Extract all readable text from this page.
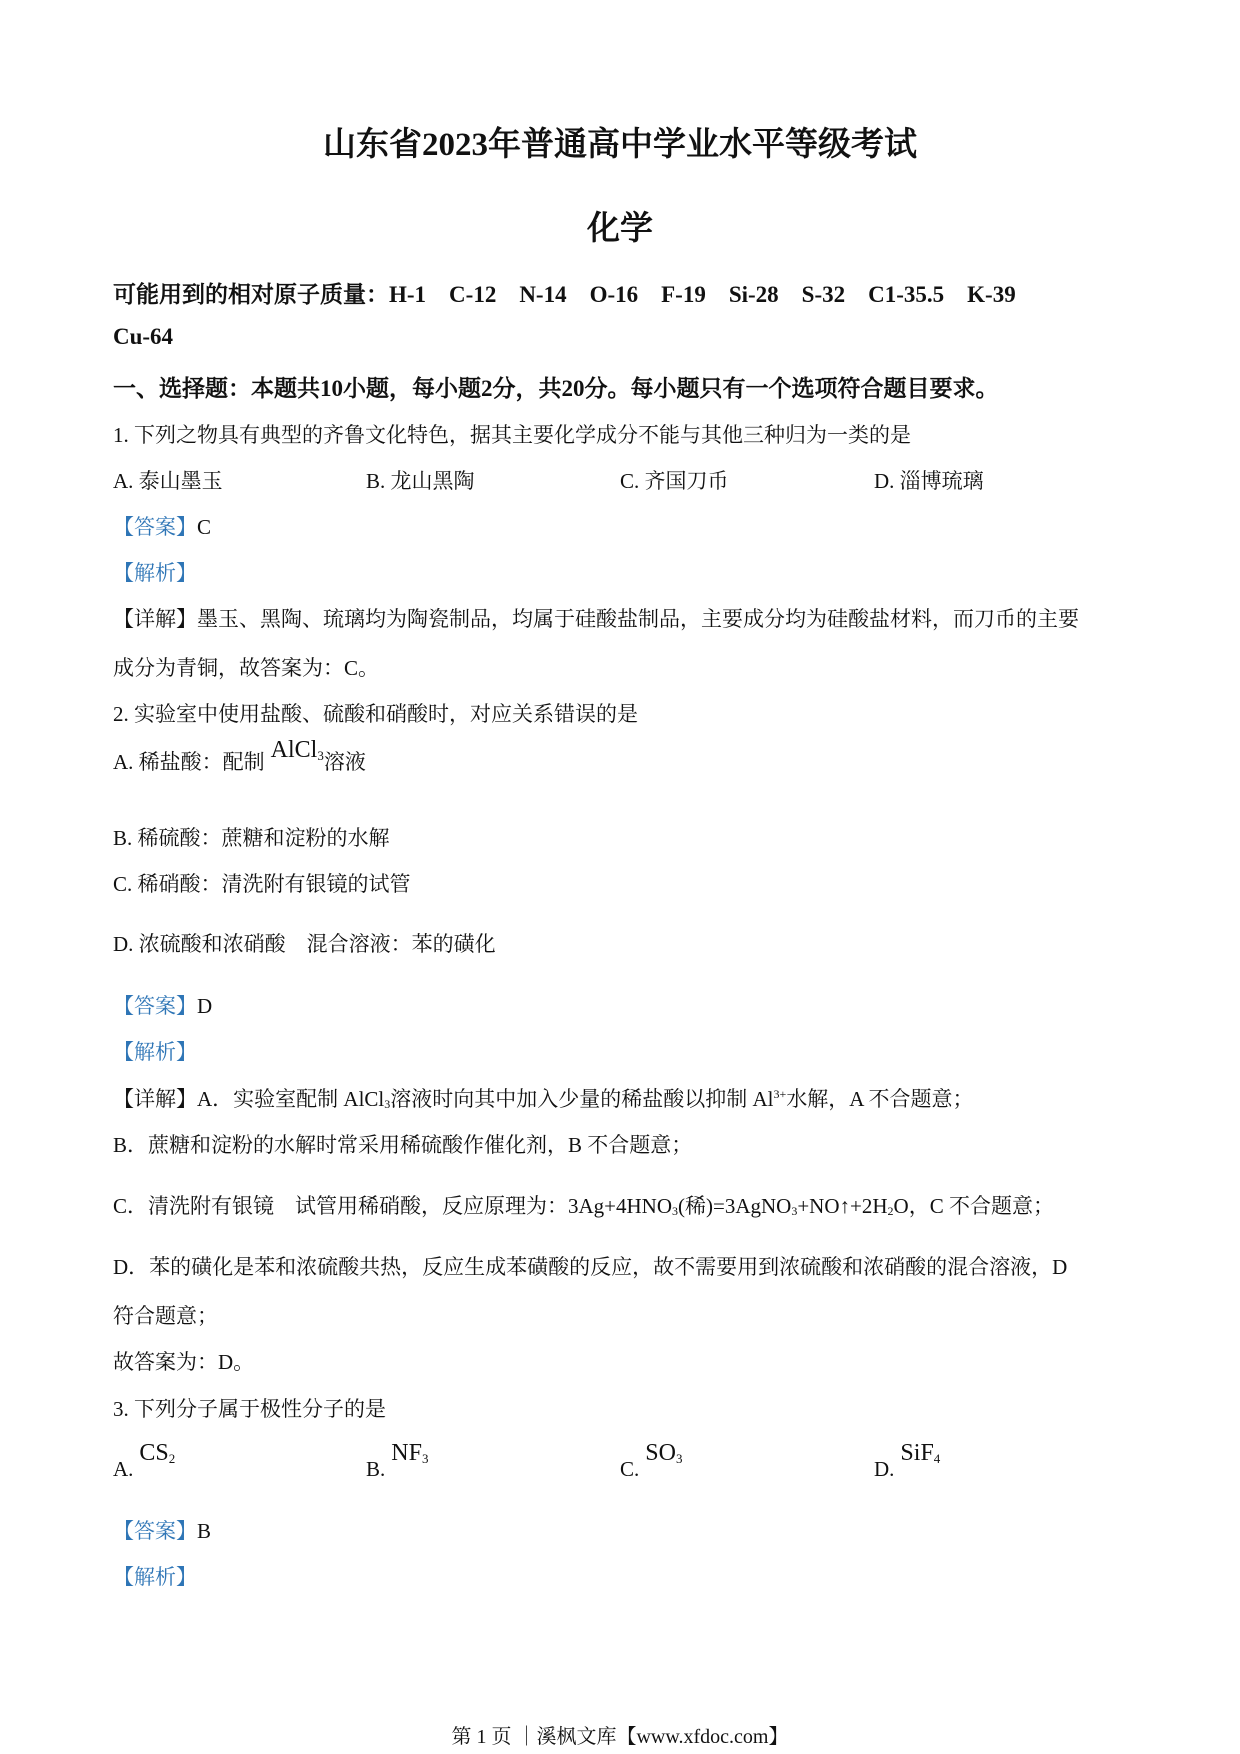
山东省2023年普通高中学业水平等级考试
化学
可能用到的相对原子质量：H-1    C-12    N-14    O-16    F-19    Si-28    S-32    C1-35.5    K-39
Cu-64
一、选择题：本题共10小题，每小题2分，共20分。每小题只有一个选项符合题目要求。
1. 下列之物具有典型的齐鲁文化特色，据其主要化学成分不能与其他三种归为一类的是
A. 泰山墨玉	B. 龙山黑陶	C. 齐国刀币	D. 淄博琉璃
【答案】C
【解析】
【详解】墨玉、黑陶、琉璃均为陶瓷制品，均属于硅酸盐制品，主要成分均为硅酸盐材料，而刀币的主要
成分为青铜，故答案为：C。
2. 实验室中使用盐酸、硫酸和硝酸时，对应关系错误的是
A. 稀盐酸：配制 AlCl$_3$溶液
B. 稀硫酸：蔗糖和淀粉的水解
C. 稀硝酸：清洗附有银镜的试管
D. 浓硫酸和浓硝酸    混合溶液：苯的磺化
【答案】D
【解析】
【详解】A．实验室配制 AlCl$_3$溶液时向其中加入少量的稀盐酸以抑制 $Al^{3+}$水解，A 不合题意；
B．蔗糖和淀粉的水解时常采用稀硫酸作催化剂，B 不合题意；
C．清洗附有银镜    试管用稀硝酸，反应原理为：$3Ag+4HNO_3$(稀)$=3AgNO_3+NO↑+2H_2O$，C 不合题意；
D．苯的磺化是苯和浓硫酸共热，反应生成苯磺酸的反应，故不需要用到浓硫酸和浓硝酸的混合溶液，D
符合题意；
故答案为：D。
3. 下列分子属于极性分子的是
$A.CS_2$	$B.NF_3$	$C.SO_3$	D.SiF$_4$
【答案】B
【解析】
第 1 页 ｜溪枫文库【www.xfdoc.com】
